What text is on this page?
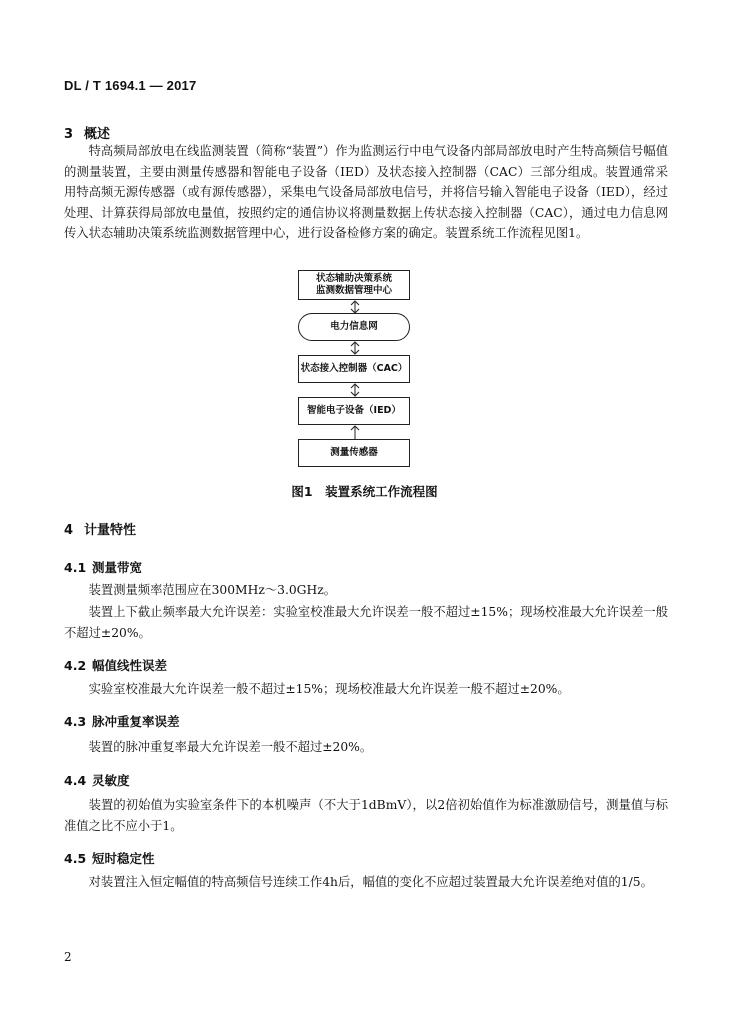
DL / T 1694.1 — 2017
3 概述

特高频局部放电在线监测装置（简称“装置”）作为监测运行中电气设备内部局部放电时产生特高频信号幅值的测量装置，主要由测量传感器和智能电子设备（IED）及状态接入控制器（CAC）三部分组成。装置通常采用特高频无源传感器（或有源传感器），采集电气设备局部放电信号，并将信号输入智能电子设备（IED），经过处理、计算获得局部放电量值，按照约定的通信协议将测量数据上传状态接入控制器（CAC），通过电力信息网传入状态辅助决策系统监测数据管理中心，进行设备检修方案的确定。装置系统工作流程见图1。

状态辅助决策系统
监测数据管理中心
电力信息网
状态接入控制器（CAC）
智能电子设备（IED）
测量传感器
图1　装置系统工作流程图
4 计量特性
4.1 测量带宽

装置测量频率范围应在300MHz～3.0GHz。

装置上下截止频率最大允许误差：实验室校准最大允许误差一般不超过±15%；现场校准最大允许误差一般不超过±20%。

4.2 幅值线性误差

实验室校准最大允许误差一般不超过±15%；现场校准最大允许误差一般不超过±20%。

4.3 脉冲重复率误差

装置的脉冲重复率最大允许误差一般不超过±20%。

4.4 灵敏度

装置的初始值为实验室条件下的本机噪声（不大于1dBmV），以2倍初始值作为标准激励信号，测量值与标准值之比不应小于1。

4.5 短时稳定性

对装置注入恒定幅值的特高频信号连续工作4h后，幅值的变化不应超过装置最大允许误差绝对值的1/5。

2
